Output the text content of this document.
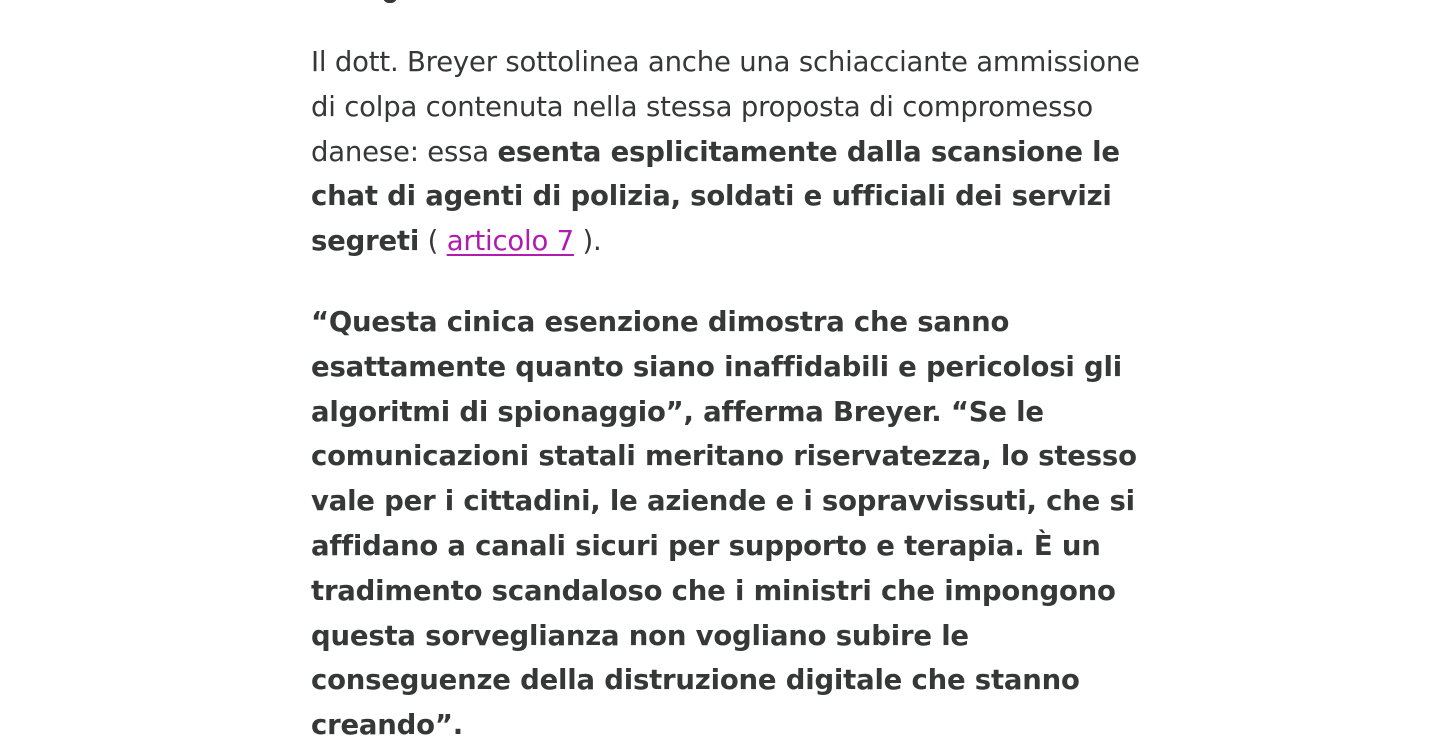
Il dott. Breyer sottolinea anche una schiacciante ammissione di colpa contenuta nella stessa proposta di compromesso danese: essa esenta esplicitamente dalla scansione le chat di agenti di polizia, soldati e ufficiali dei servizi segreti ( articolo 7 ).

“Questa cinica esenzione dimostra che sanno esattamente quanto siano inaffidabili e pericolosi gli algoritmi di spionaggio”, afferma Breyer. “Se le comunicazioni statali meritano riservatezza, lo stesso vale per i cittadini, le aziende e i sopravvissuti, che si affidano a canali sicuri per supporto e terapia. È un tradimento scandaloso che i ministri che impongono questa sorveglianza non vogliano subire le conseguenze della distruzione digitale che stanno creando”.
